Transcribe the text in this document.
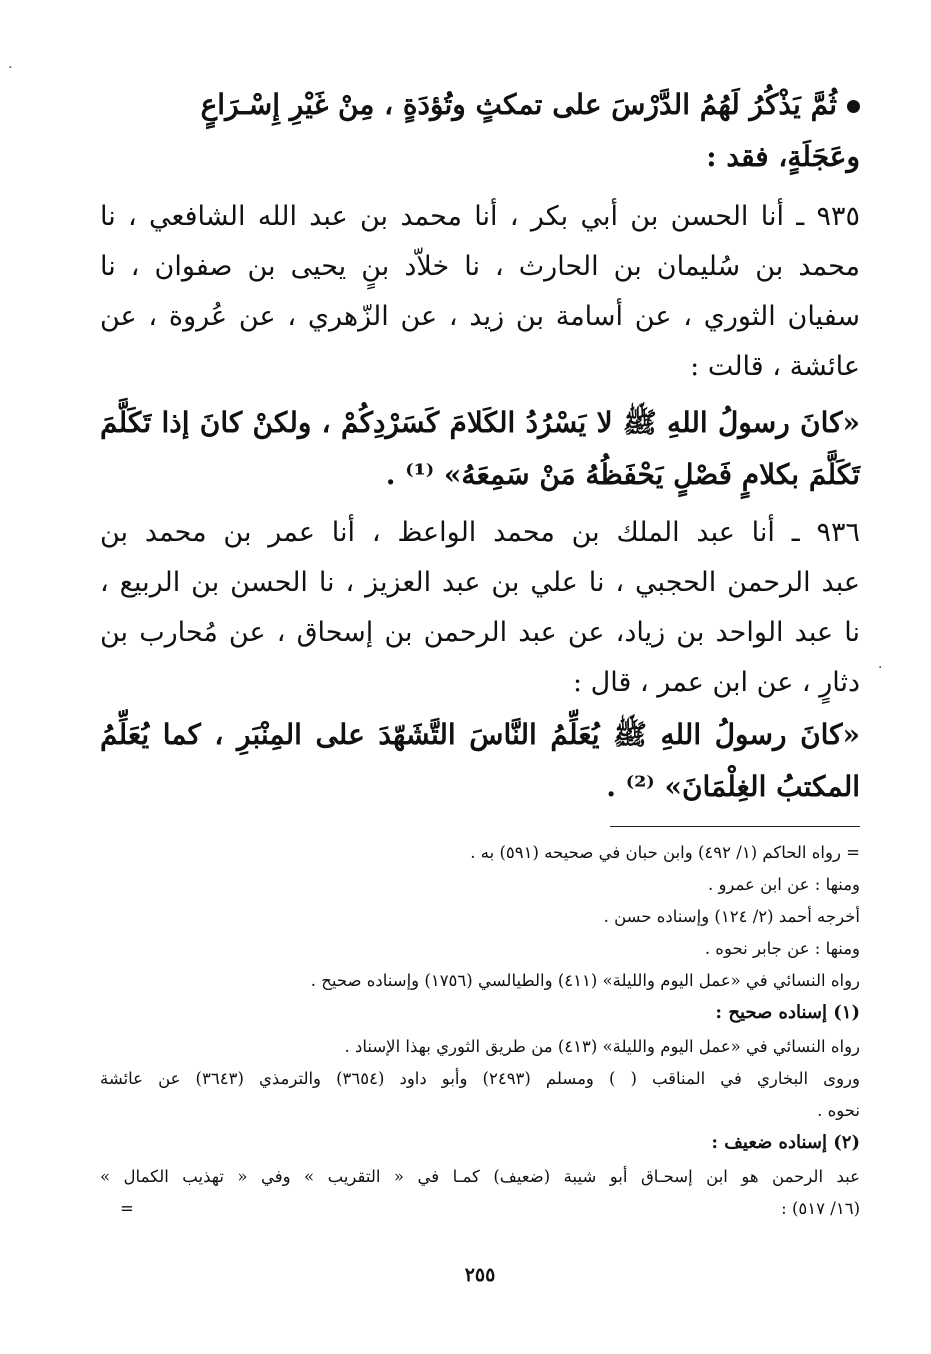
ثُمَّ يَذْكُرُ لَهُمُ الدَّرْسَ على تمكثٍ وتُؤدَةٍ ، مِنْ غَيْرِ إِسْـرَاعٍ
وعَجَلَةٍ، فقد :
٩٣٥ ـ أنا الحسن بن أبي بكر ، أنا محمد بن عبد الله الشافعي ، نا
محمد بن سُليمان بن الحارث ، نا خلاّد بنٍ يحيى بن صفوان ، نا
سفيان الثوري ، عن أسامة بن زيد ، عن الزّهري ، عن عُروة ، عن
عائشة ، قالت :
«كانَ رسولُ اللهِ ﷺ لا يَسْرُدُ الكَلامَ كَسَرْدِكُمْ ، ولكنْ كانَ إذا تَكَلَّمَ
تَكَلَّمَ بكلامٍ فَصْلٍ يَحْفَظُهُ مَنْ سَمِعَهُ» ⁽¹⁾ .
٩٣٦ ـ أنا عبد الملك بن محمد الواعظ ، أنا عمر بن محمد بن
عبد الرحمن الحجبي ، نا علي بن عبد العزيز ، نا الحسن بن الربيع ،
نا عبد الواحد بن زياد، عن عبد الرحمن بن إسحاق ، عن مُحارب بن
دثارٍ ، عن ابن عمر ، قال :
«كانَ رسولُ اللهِ ﷺ يُعَلِّمُ النَّاسَ التَّشَهّدَ على المِنْبَرِ ، كما يُعَلِّمُ
المكتبُ الغِلْمَانَ» ⁽²⁾ .
= رواه الحاكم (١/ ٤٩٢) وابن حبان في صحيحه (٥٩١) به .
ومنها : عن ابن عمرو .
أخرجه أحمد (٢/ ١٢٤) وإسناده حسن .
ومنها : عن جابر نحوه .
رواه النسائي في «عمل اليوم والليلة» (٤١١) والطيالسي (١٧٥٦) وإسناده صحيح .
(١) إسناده صحيح :
رواه النسائي في «عمل اليوم والليلة» (٤١٣) من طريق الثوري بهذا الإسناد .
وروى البخاري في المناقب ( ) ومسلم (٢٤٩٣) وأبو داود (٣٦٥٤) والترمذي (٣٦٤٣) عن عائشة
نحوه .
(٢) إسناده ضعيف :
عبد الرحمن هو ابن إسحـاق أبو شيبة (ضعيف) كمـا في « التقريب » وفي « تهذيب الكمال »
(١٦/ ٥١٧) :
=
٢٥٥
·
·
